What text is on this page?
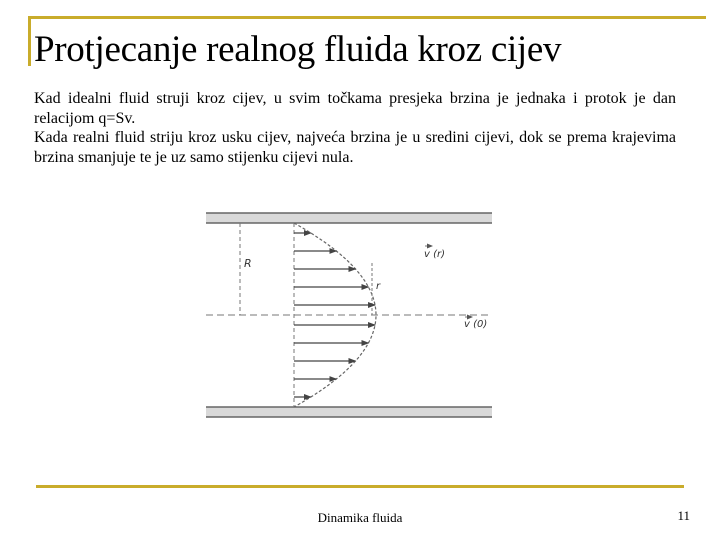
Protjecanje realnog fluida kroz cijev

Kad idealni fluid struji kroz cijev, u svim točkama presjeka brzina je jednaka i protok je dan relacijom q=Sv.

Kada realni fluid striju kroz usku cijev, najveća brzina je u sredini cijevi, dok se prema krajevima brzina smanjuje te je uz samo stijenku cijevi nula.

R
r
v (r)
v (0)
Dinamika fluida	11
